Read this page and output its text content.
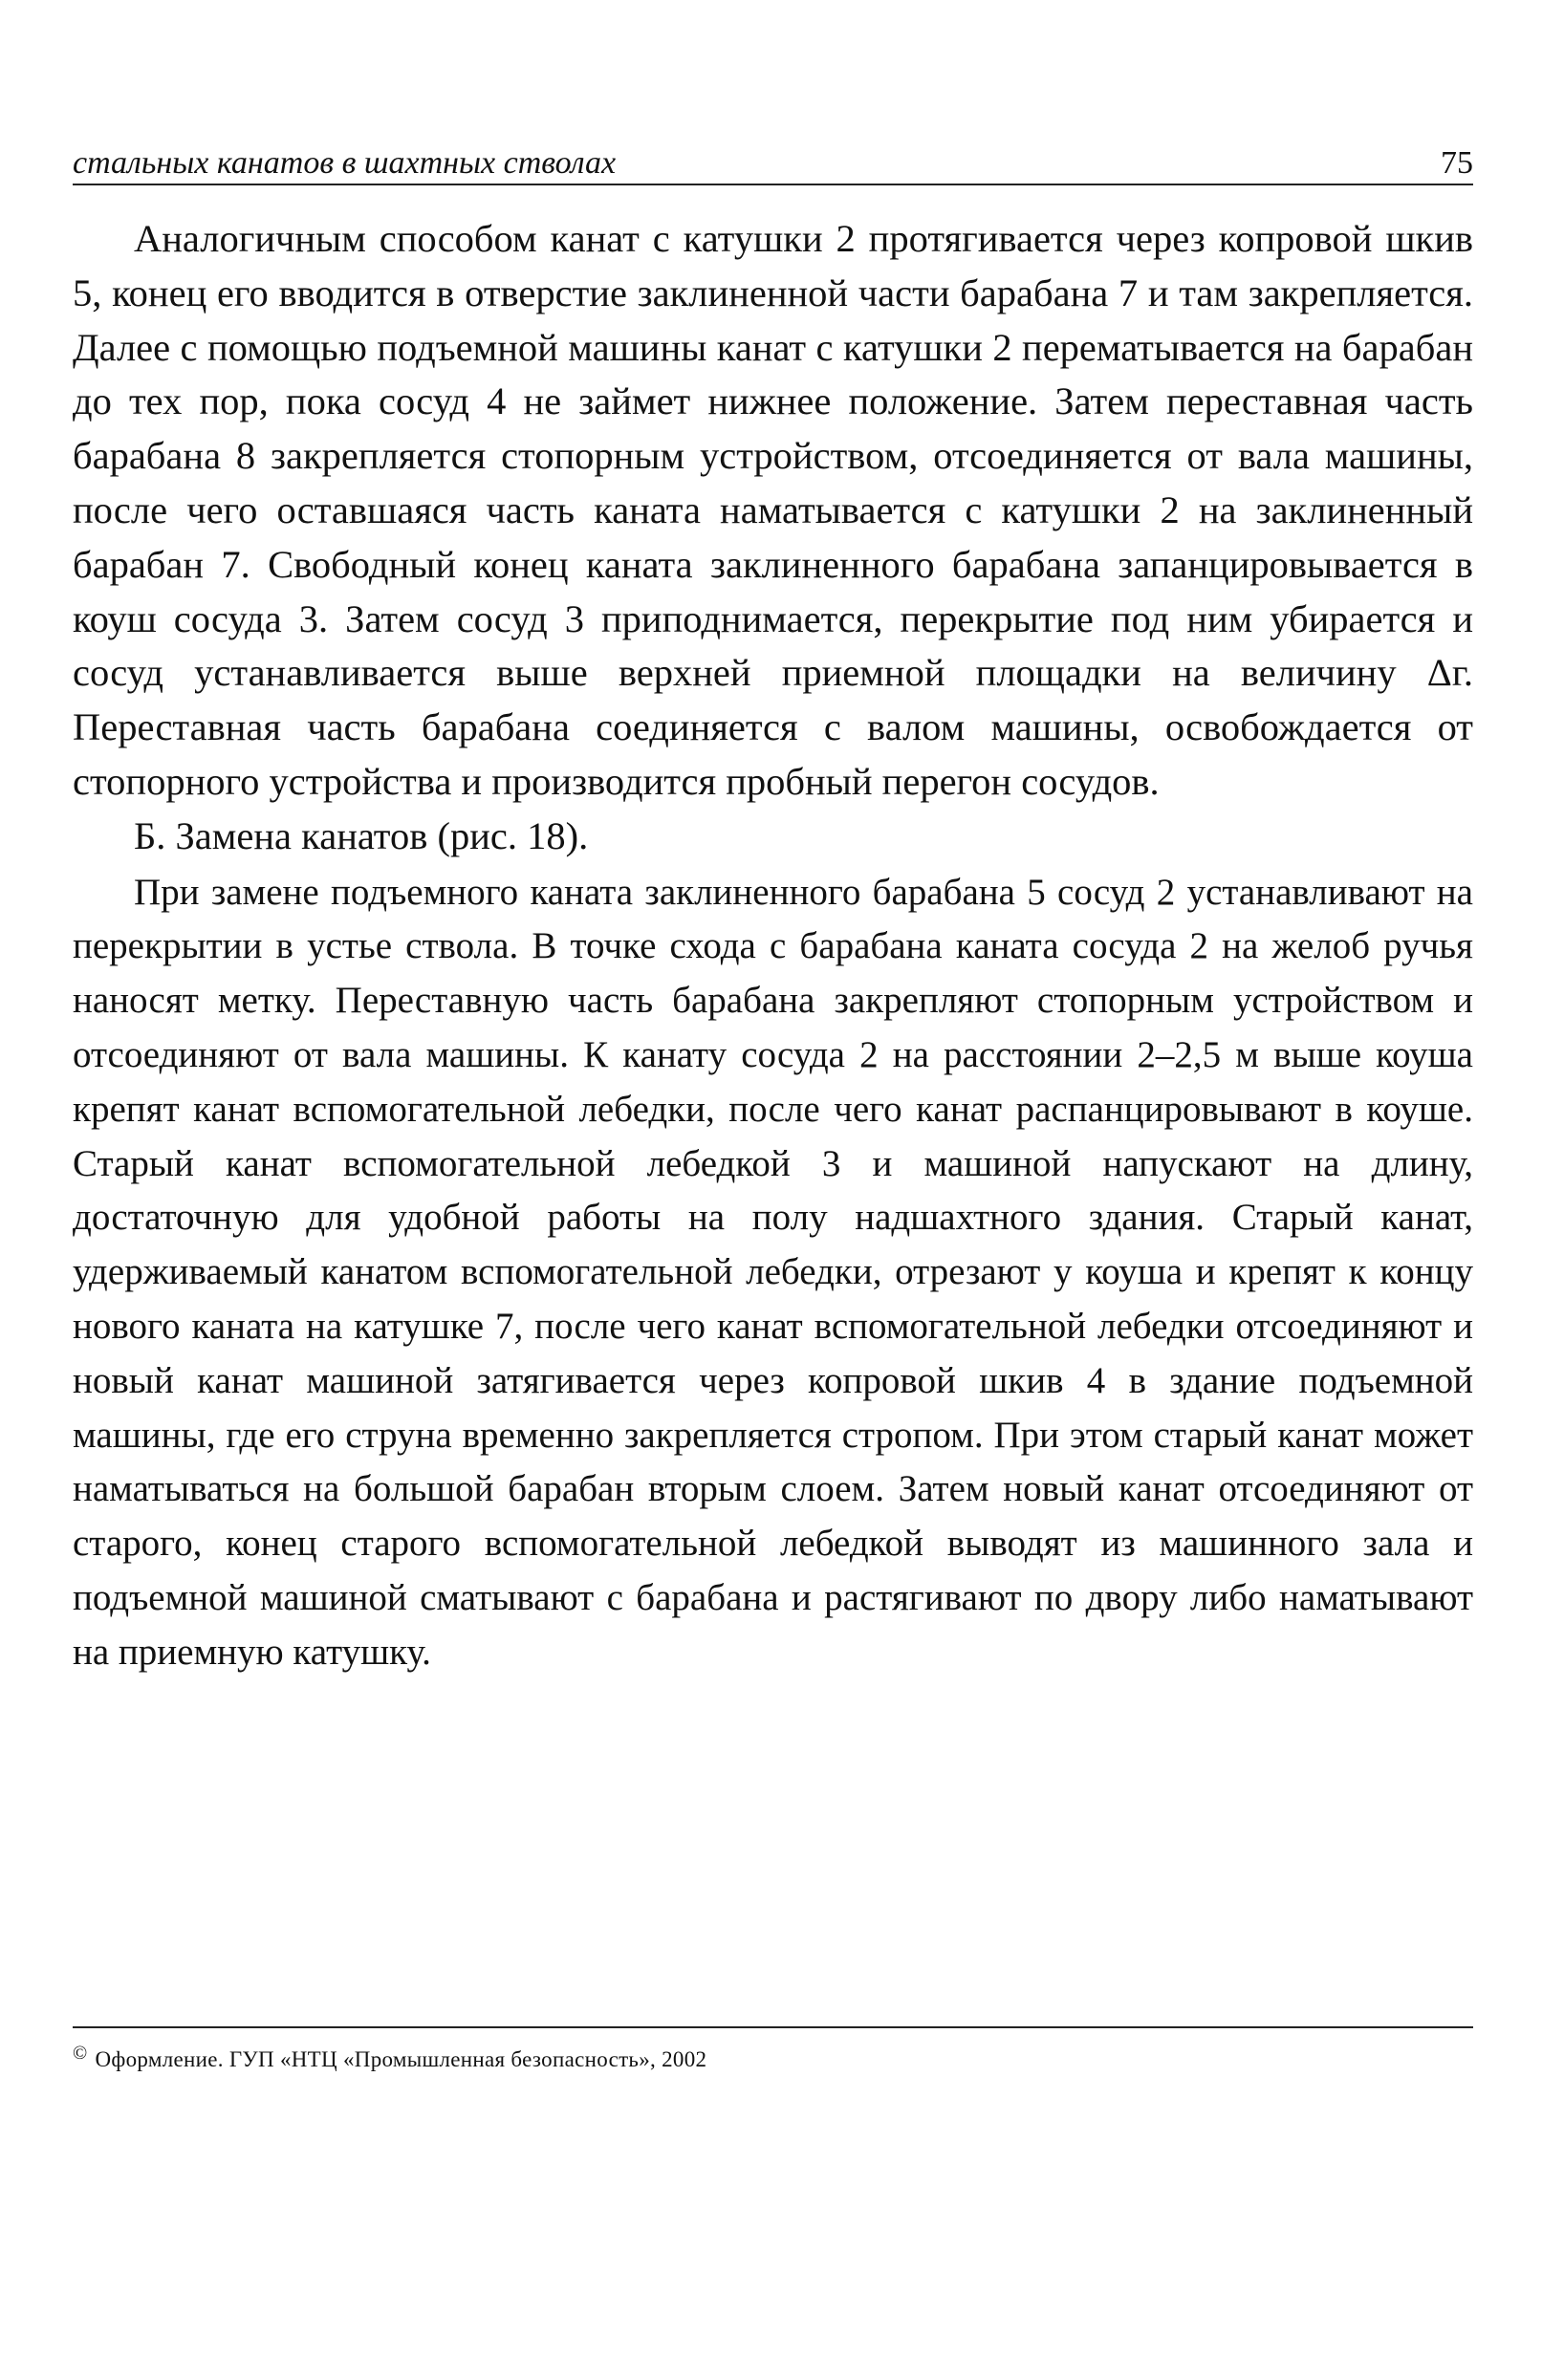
стальных канатов в шахтных стволах	75

Аналогичным способом канат с катушки 2 протягивается через копровой шкив 5, конец его вводится в отверстие заклиненной части барабана 7 и там закрепляется. Далее с помощью подъемной машины канат с катушки 2 перематывается на барабан до тех пор, пока сосуд 4 не займет нижнее положение. Затем переставная часть барабана 8 закрепляется стопорным устройством, отсоединяется от вала машины, после чего оставшаяся часть каната наматывается с катушки 2 на заклиненный барабан 7. Свободный конец каната заклиненного барабана запанцировывается в коуш сосуда 3. Затем сосуд 3 приподнимается, перекрытие под ним убирается и сосуд устанавливается выше верхней приемной площадки на величину Δг. Переставная часть барабана соединяется с валом машины, освобождается от стопорного устройства и производится пробный перегон сосудов.

Б. Замена канатов (рис. 18).

При замене подъемного каната заклиненного барабана 5 сосуд 2 устанавливают на перекрытии в устье ствола. В точке схода с барабана каната сосуда 2 на желоб ручья наносят метку. Переставную часть барабана закрепляют стопорным устройством и отсоединяют от вала машины. К канату сосуда 2 на расстоянии 2–2,5 м выше коуша крепят канат вспомогательной лебедки, после чего канат распанцировывают в коуше. Старый канат вспомогательной лебедкой 3 и машиной напускают на длину, достаточную для удобной работы на полу надшахтного здания. Старый канат, удерживаемый канатом вспомогательной лебедки, отрезают у коуша и крепят к концу нового каната на катушке 7, после чего канат вспомогательной лебедки отсоединяют и новый канат машиной затягивается через копровой шкив 4 в здание подъемной машины, где его струна временно закрепляется стропом. При этом старый канат может наматываться на большой барабан вторым слоем. Затем новый канат отсоединяют от старого, конец старого вспомогательной лебедкой выводят из машинного зала и подъемной машиной сматывают с барабана и растягивают по двору либо наматывают на приемную катушку.

© Оформление. ГУП «НТЦ «Промышленная безопасность», 2002
